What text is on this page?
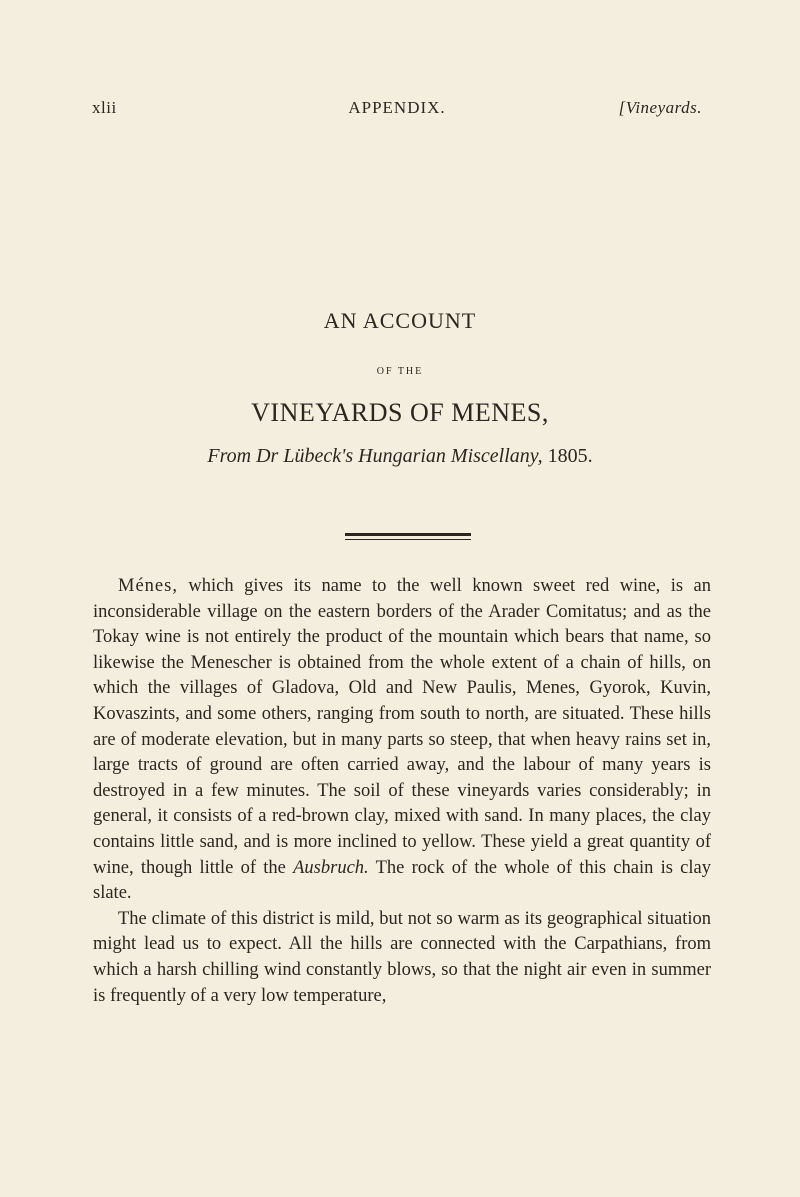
xlii	APPENDIX.	[Vineyards.
AN ACCOUNT
OF THE
VINEYARDS OF MENES,
From Dr Lübeck's Hungarian Miscellany, 1805.

Ménes, which gives its name to the well known sweet red wine, is an inconsiderable village on the eastern borders of the Arader Comitatus; and as the Tokay wine is not entirely the product of the mountain which bears that name, so likewise the Menescher is obtained from the whole extent of a chain of hills, on which the villages of Gladova, Old and New Paulis, Menes, Gyorok, Kuvin, Kovaszints, and some others, ranging from south to north, are situated. These hills are of moderate elevation, but in many parts so steep, that when heavy rains set in, large tracts of ground are often carried away, and the labour of many years is destroyed in a few minutes. The soil of these vineyards varies considerably; in general, it consists of a red-brown clay, mixed with sand. In many places, the clay contains little sand, and is more inclined to yellow. These yield a great quantity of wine, though little of the Ausbruch. The rock of the whole of this chain is clay slate.

The climate of this district is mild, but not so warm as its geographical situation might lead us to expect. All the hills are connected with the Carpathians, from which a harsh chilling wind constantly blows, so that the night air even in summer is frequently of a very low temperature,
